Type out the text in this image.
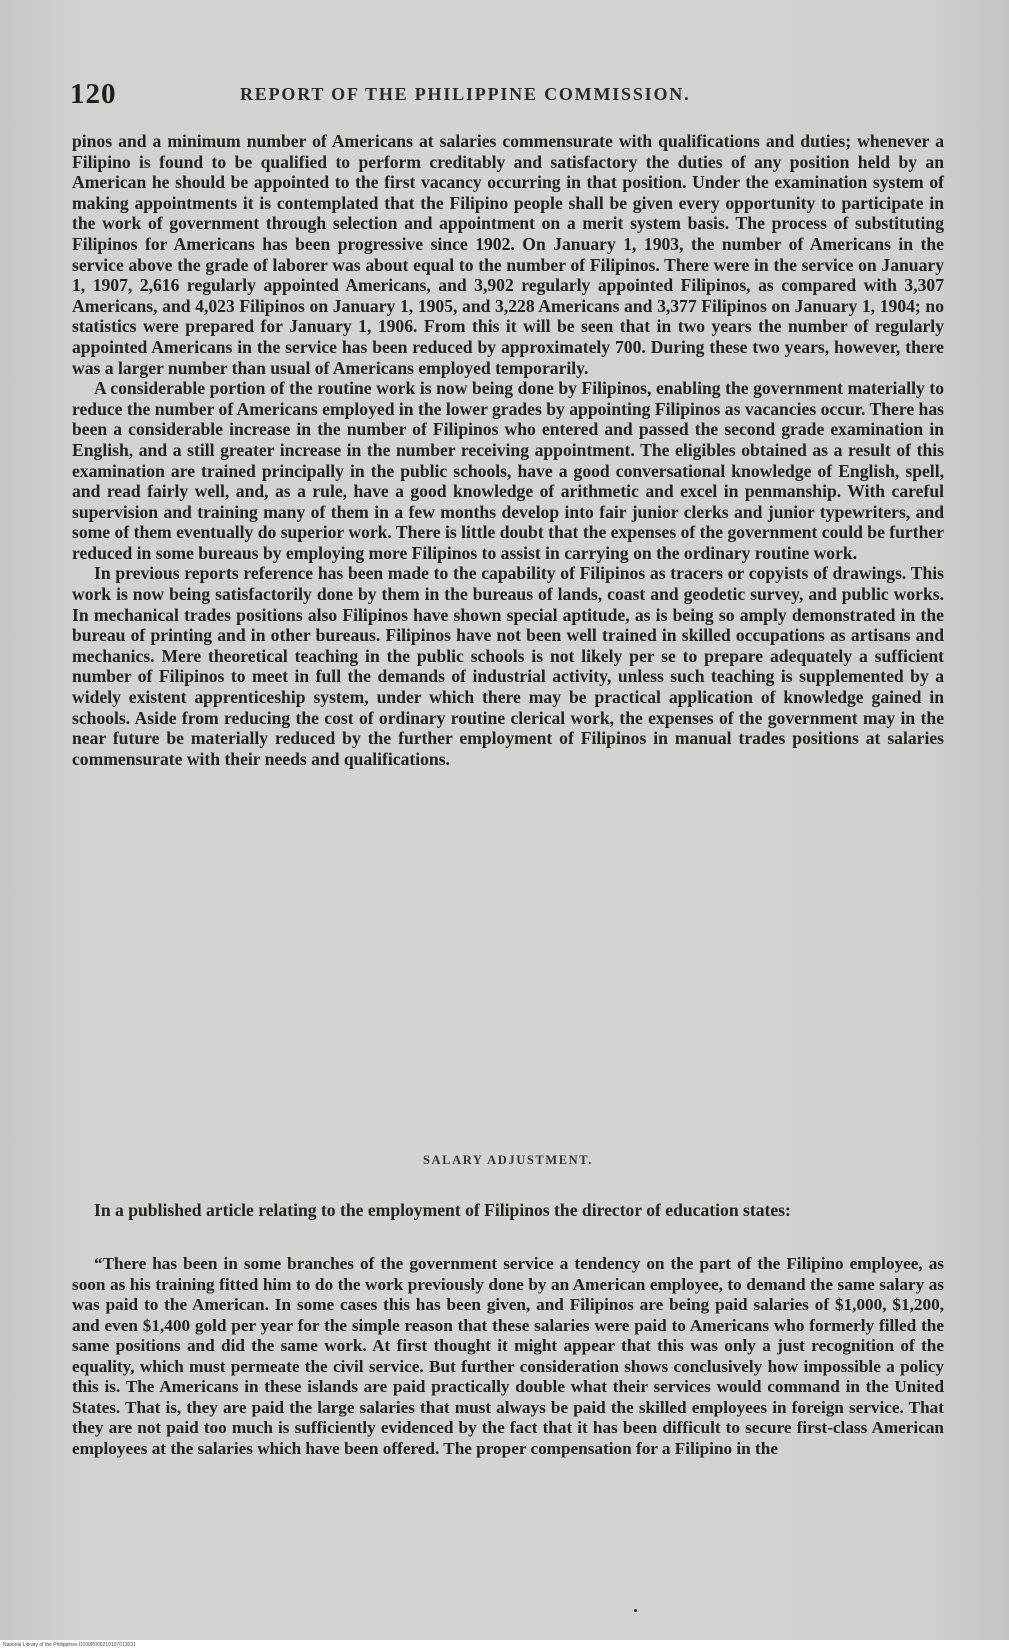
120	REPORT OF THE PHILIPPINE COMMISSION.

pinos and a minimum number of Americans at salaries commensurate with qualifications and duties; whenever a Filipino is found to be qualified to perform creditably and satisfactory the duties of any position held by an American he should be appointed to the first vacancy occurring in that position. Under the examination system of making appointments it is contemplated that the Filipino people shall be given every opportunity to participate in the work of government through selection and appointment on a merit system basis. The process of substituting Filipinos for Americans has been progressive since 1902. On January 1, 1903, the number of Americans in the service above the grade of laborer was about equal to the number of Filipinos. There were in the service on January 1, 1907, 2,616 regularly appointed Americans, and 3,902 regularly appointed Filipinos, as compared with 3,307 Americans, and 4,023 Filipinos on January 1, 1905, and 3,228 Americans and 3,377 Filipinos on January 1, 1904; no statistics were prepared for January 1, 1906. From this it will be seen that in two years the number of regularly appointed Americans in the service has been reduced by approximately 700. During these two years, however, there was a larger number than usual of Americans employed temporarily.

A considerable portion of the routine work is now being done by Filipinos, enabling the government materially to reduce the number of Americans employed in the lower grades by appointing Filipinos as vacancies occur. There has been a considerable increase in the number of Filipinos who entered and passed the second grade examination in English, and a still greater increase in the number receiving appointment. The eligibles obtained as a result of this examination are trained principally in the public schools, have a good conversational knowledge of English, spell, and read fairly well, and, as a rule, have a good knowledge of arithmetic and excel in penmanship. With careful supervision and training many of them in a few months develop into fair junior clerks and junior typewriters, and some of them eventually do superior work. There is little doubt that the expenses of the government could be further reduced in some bureaus by employing more Filipinos to assist in carrying on the ordinary routine work.

In previous reports reference has been made to the capability of Filipinos as tracers or copyists of drawings. This work is now being satisfactorily done by them in the bureaus of lands, coast and geodetic survey, and public works. In mechanical trades positions also Filipinos have shown special aptitude, as is being so amply demonstrated in the bureau of printing and in other bureaus. Filipinos have not been well trained in skilled occupations as artisans and mechanics. Mere theoretical teaching in the public schools is not likely per se to prepare adequately a sufficient number of Filipinos to meet in full the demands of industrial activity, unless such teaching is supplemented by a widely existent apprenticeship system, under which there may be practical application of knowledge gained in schools. Aside from reducing the cost of ordinary routine clerical work, the expenses of the government may in the near future be materially reduced by the further employment of Filipinos in manual trades positions at salaries commensurate with their needs and qualifications.

SALARY ADJUSTMENT.

In a published article relating to the employment of Filipinos the director of education states:

“There has been in some branches of the government service a tendency on the part of the Filipino employee, as soon as his training fitted him to do the work previously done by an American employee, to demand the same salary as was paid to the American. In some cases this has been given, and Filipinos are being paid salaries of $1,000, $1,200, and even $1,400 gold per year for the simple reason that these salaries were paid to Americans who formerly filled the same positions and did the same work. At first thought it might appear that this was only a just recognition of the equality, which must permeate the civil service. But further consideration shows conclusively how impossible a policy this is. The Americans in these islands are paid practically double what their services would command in the United States. That is, they are paid the large salaries that must always be paid the skilled employees in foreign service. That they are not paid too much is sufficiently evidenced by the fact that it has been difficult to secure first-class American employees at the salaries which have been offered. The proper compensation for a Filipino in the

National Library of the Philippines D100P000210107013031
